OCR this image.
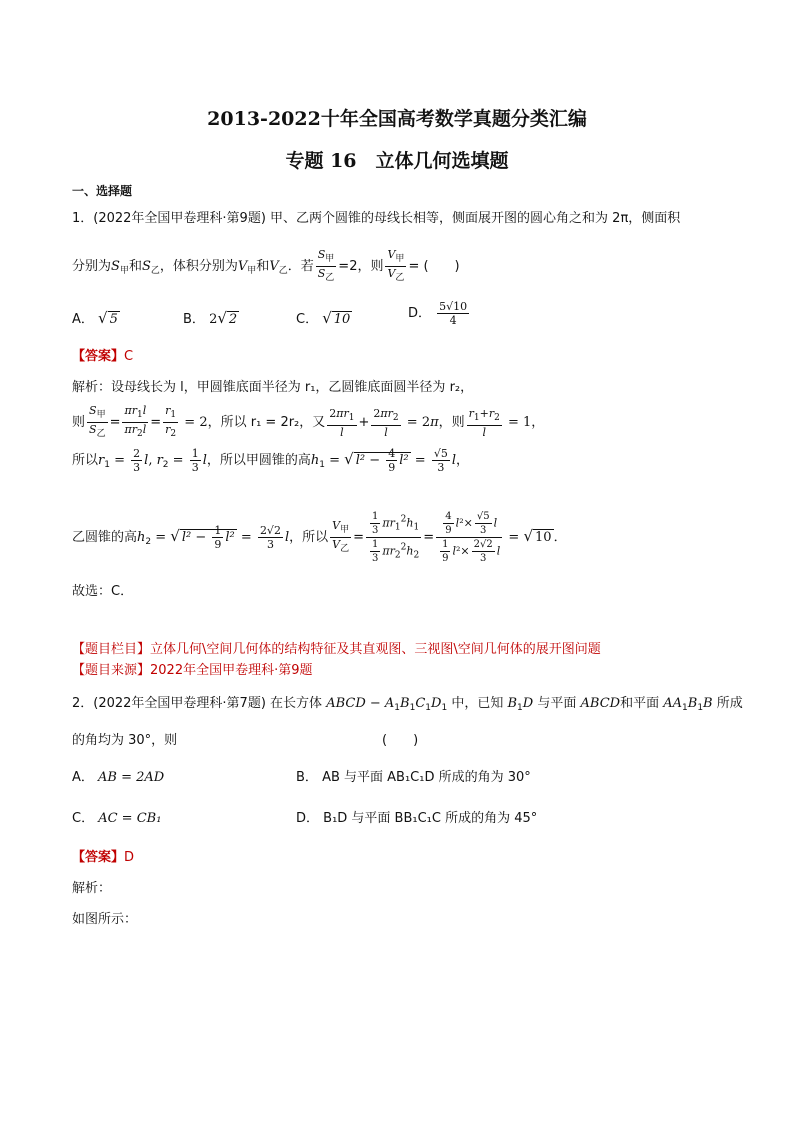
2013-2022十年全国高考数学真题分类汇编
专题 16　立体几何选填题
一、选择题
1．(2022年全国甲卷理科·第9题) 甲、乙两个圆锥的母线长相等，侧面展开图的圆心角之和为 2π，侧面积
分别为$S_甲$和$S_乙$，体积分别为$V_甲$和$V_乙$．若 $\frac{S_甲}{S_乙} =2$，则 $\frac{V_甲}{V_乙}$ = (　　)
A． √ 5	B． 2√ 2	C． √ 10	D． $\frac{5√10}{4}$
【答案】C
解析：设母线长为 l，甲圆锥底面半径为 r₁，乙圆锥底面圆半径为 r₂，
则 $\frac{S_甲}{S_乙} = \frac{\pi r_1l}{\pi r_2l} = \frac{r_1}{r_2} = 2$，所以 r₁ = 2r₂，又 $\frac{2\pi r_1}{l} + \frac{2\pi r_2}{l} = 2\pi$，则 $\frac{r_1+r_2}{l} = 1$，
所以$r_1 = \frac{2}{3} l$, $r_2 = \frac{1}{3}$ l，所以甲圆锥的高$h_1$ = √ $l^2 - \frac{4}{9} l^2 = \frac{√5}{3}$ l，
乙圆锥的高$h_2$ = √ $l^2 - \frac{1}{9} l^2 = \frac{2√2}{3}$ l，所以 $\frac{V_甲}{V_乙} = \frac{\frac{1}{3} \pi r_1^2h_1}{\frac{1}{3} \pi r_2^2h_2} = \frac{\frac{4}{9} l^2\times \frac{√5}{3} l}{\frac{1}{9} l^2\times \frac{2√2}{3} l}$ = √ 10 ．
故选：C．
【题目栏目】立体几何\空间几何体的结构特征及其直观图、三视图\空间几何体的展开图问题
【题目来源】2022年全国甲卷理科·第9题
2．(2022年全国甲卷理科·第7题) 在长方体 ABCD − $A_1B_1C_1D_1$ 中，已知 $B_1D$ 与平面 ABCD和平面 $AA_1B_1B$ 所成
的角均为 30°，则	(　　)
A． AB = 2AD	B． AB 与平面 AB₁C₁D 所成的角为 30°
C． AC = CB₁	D． B₁D 与平面 BB₁C₁C 所成的角为 45°
【答案】D
解析：
如图所示：
